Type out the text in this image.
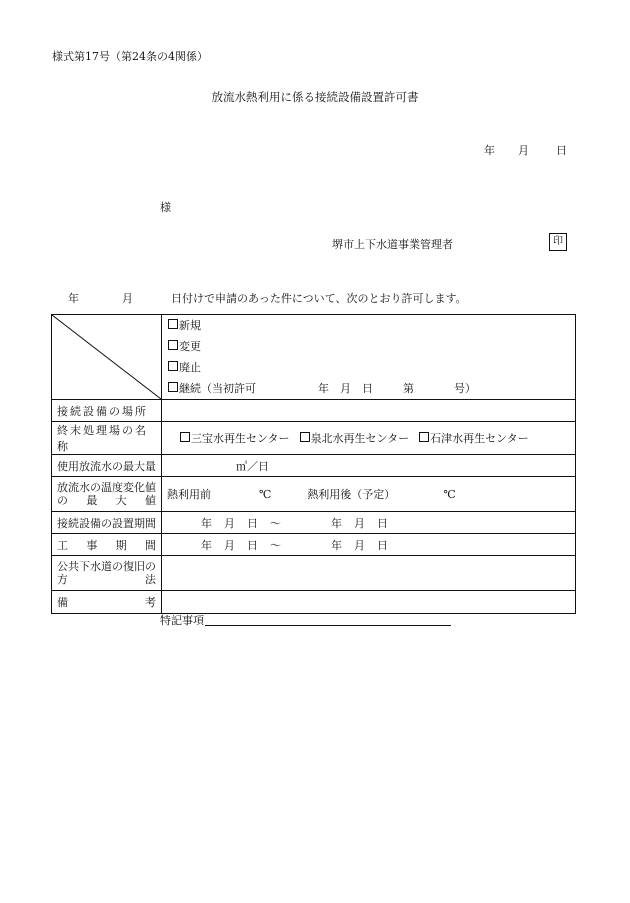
様式第17号（第24条の4関係）
放流水熱利用に係る接続設備設置許可書
年 月 日
様
堺市上下水道事業管理者	印
年	月	日付けで申請のあった件について、次のとおり許可します。

新規
変更
廃止
継続（当初許可 年 月 日 第 号）

接続設備の場所	
終末処理場の名称	三宝水再生センター 泉北水再生センター 石津水再生センター
使用放流水の最大量	㎥／日

放流水の温度変化値
の 最 大 値	熱利用前 ℃ 熱利用後（予定） ℃
接続設備の設置期間	年 月 日 ～ 年 月 日

工 事 期 間	年 月 日 ～ 年 月 日

公共下水道の復旧の
方 法	

備 考	

特記事項
